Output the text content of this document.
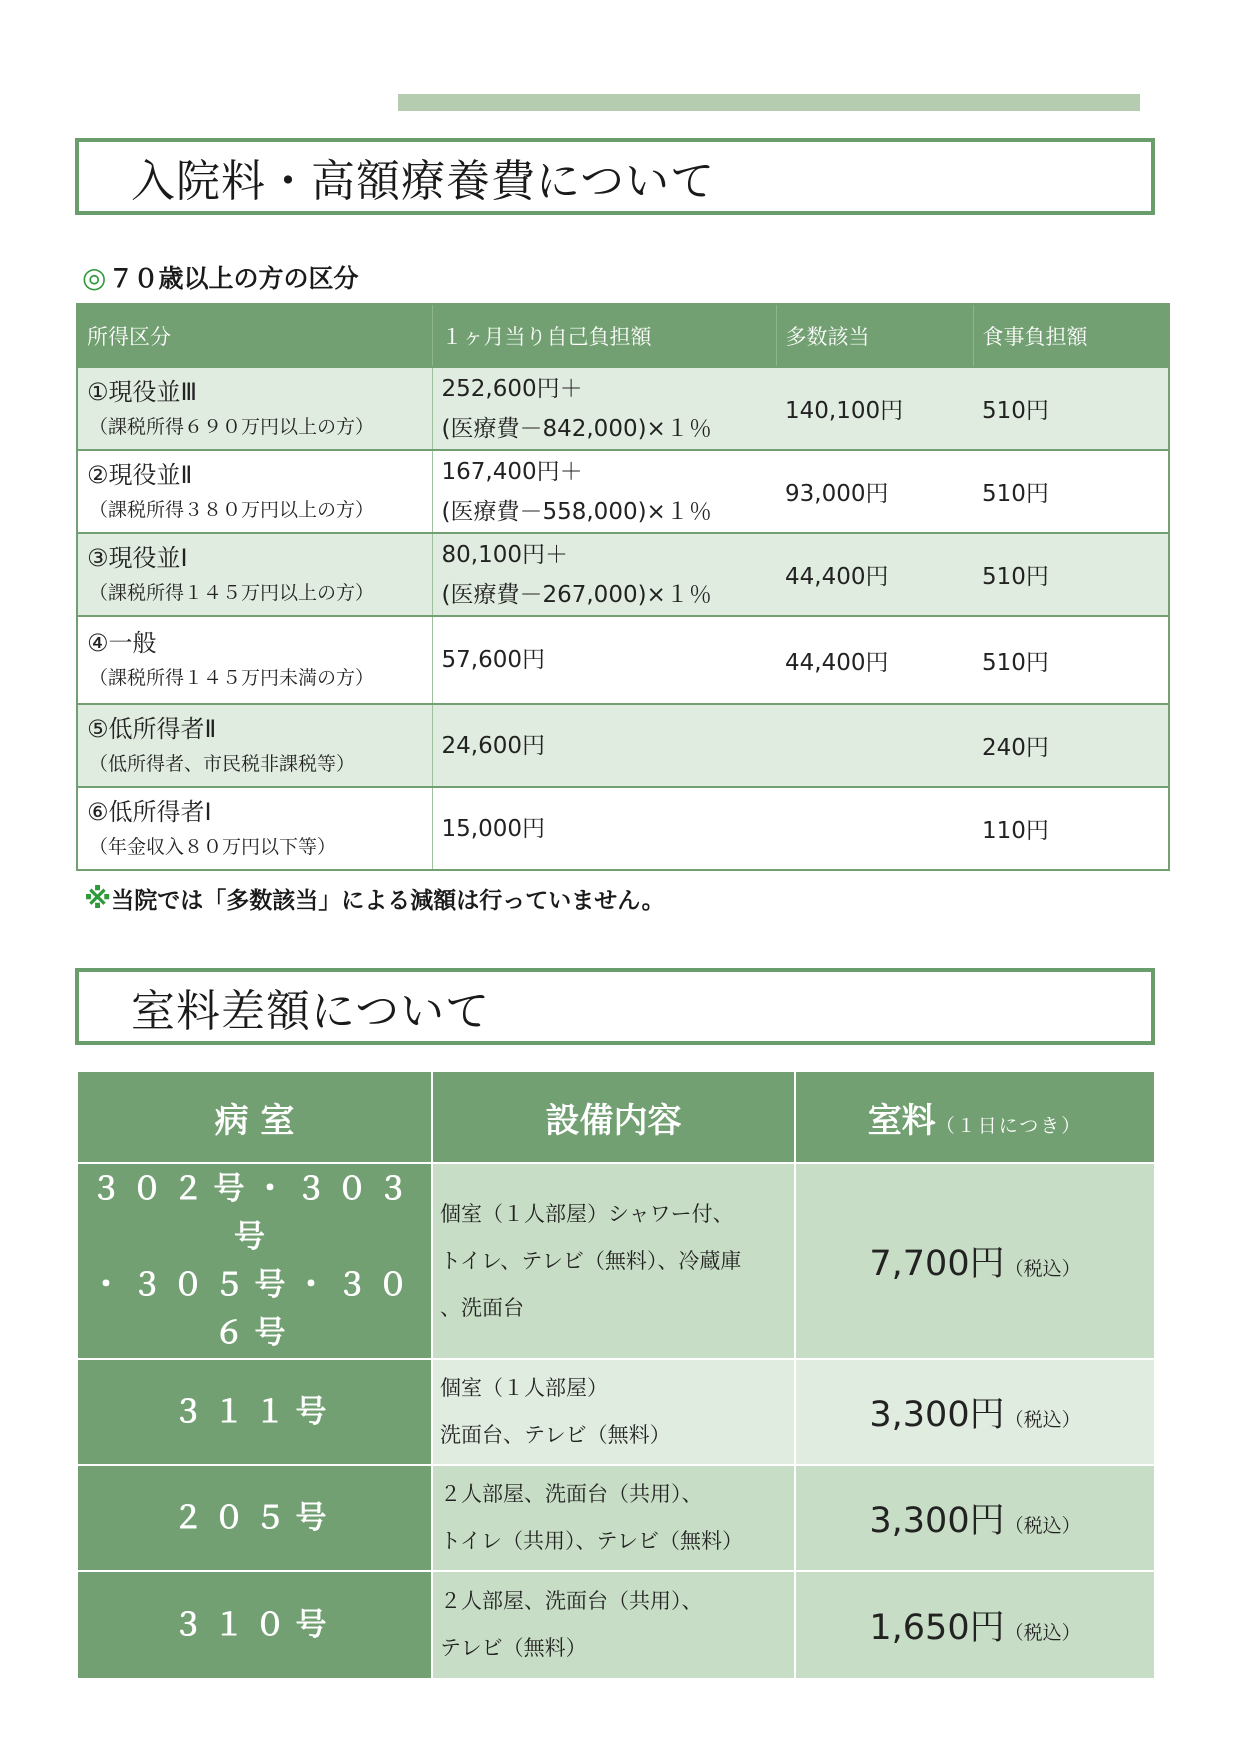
入院料・高額療養費について
◎７０歳以上の方の区分
所得区分	１ヶ月当り自己負担額	多数該当	食事負担額

①現役並Ⅲ
（課税所得６９０万円以上の方）	252,600円＋
(医療費－842,000)×１％	140,100円	510円

②現役並Ⅱ
（課税所得３８０万円以上の方）	167,400円＋
(医療費－558,000)×１％	93,000円	510円

③現役並Ⅰ
（課税所得１４５万円以上の方）	80,100円＋
(医療費－267,000)×１％	44,400円	510円

④一般
（課税所得１４５万円未満の方）	57,600円	44,400円	510円

⑤低所得者Ⅱ
（低所得者、市民税非課税等）	24,600円		240円

⑥低所得者Ⅰ
（年金収入８０万円以下等）	15,000円		110円
※当院では「多数該当」による減額は行っていません。
室料差額について
病 室	設備内容	室料（１日につき）

３０２号・３０３号
・３０５号・３０６号	個室（１人部屋）シャワー付、
トイレ、テレビ（無料）、冷蔵庫
、洗面台	7,700円（税込）

３１１号	個室（１人部屋）
洗面台、テレビ（無料）	3,300円（税込）

２０５号	２人部屋、洗面台（共用）、
トイレ（共用）、テレビ（無料）	3,300円（税込）

３１０号	２人部屋、洗面台（共用）、
テレビ（無料）	1,650円（税込）
